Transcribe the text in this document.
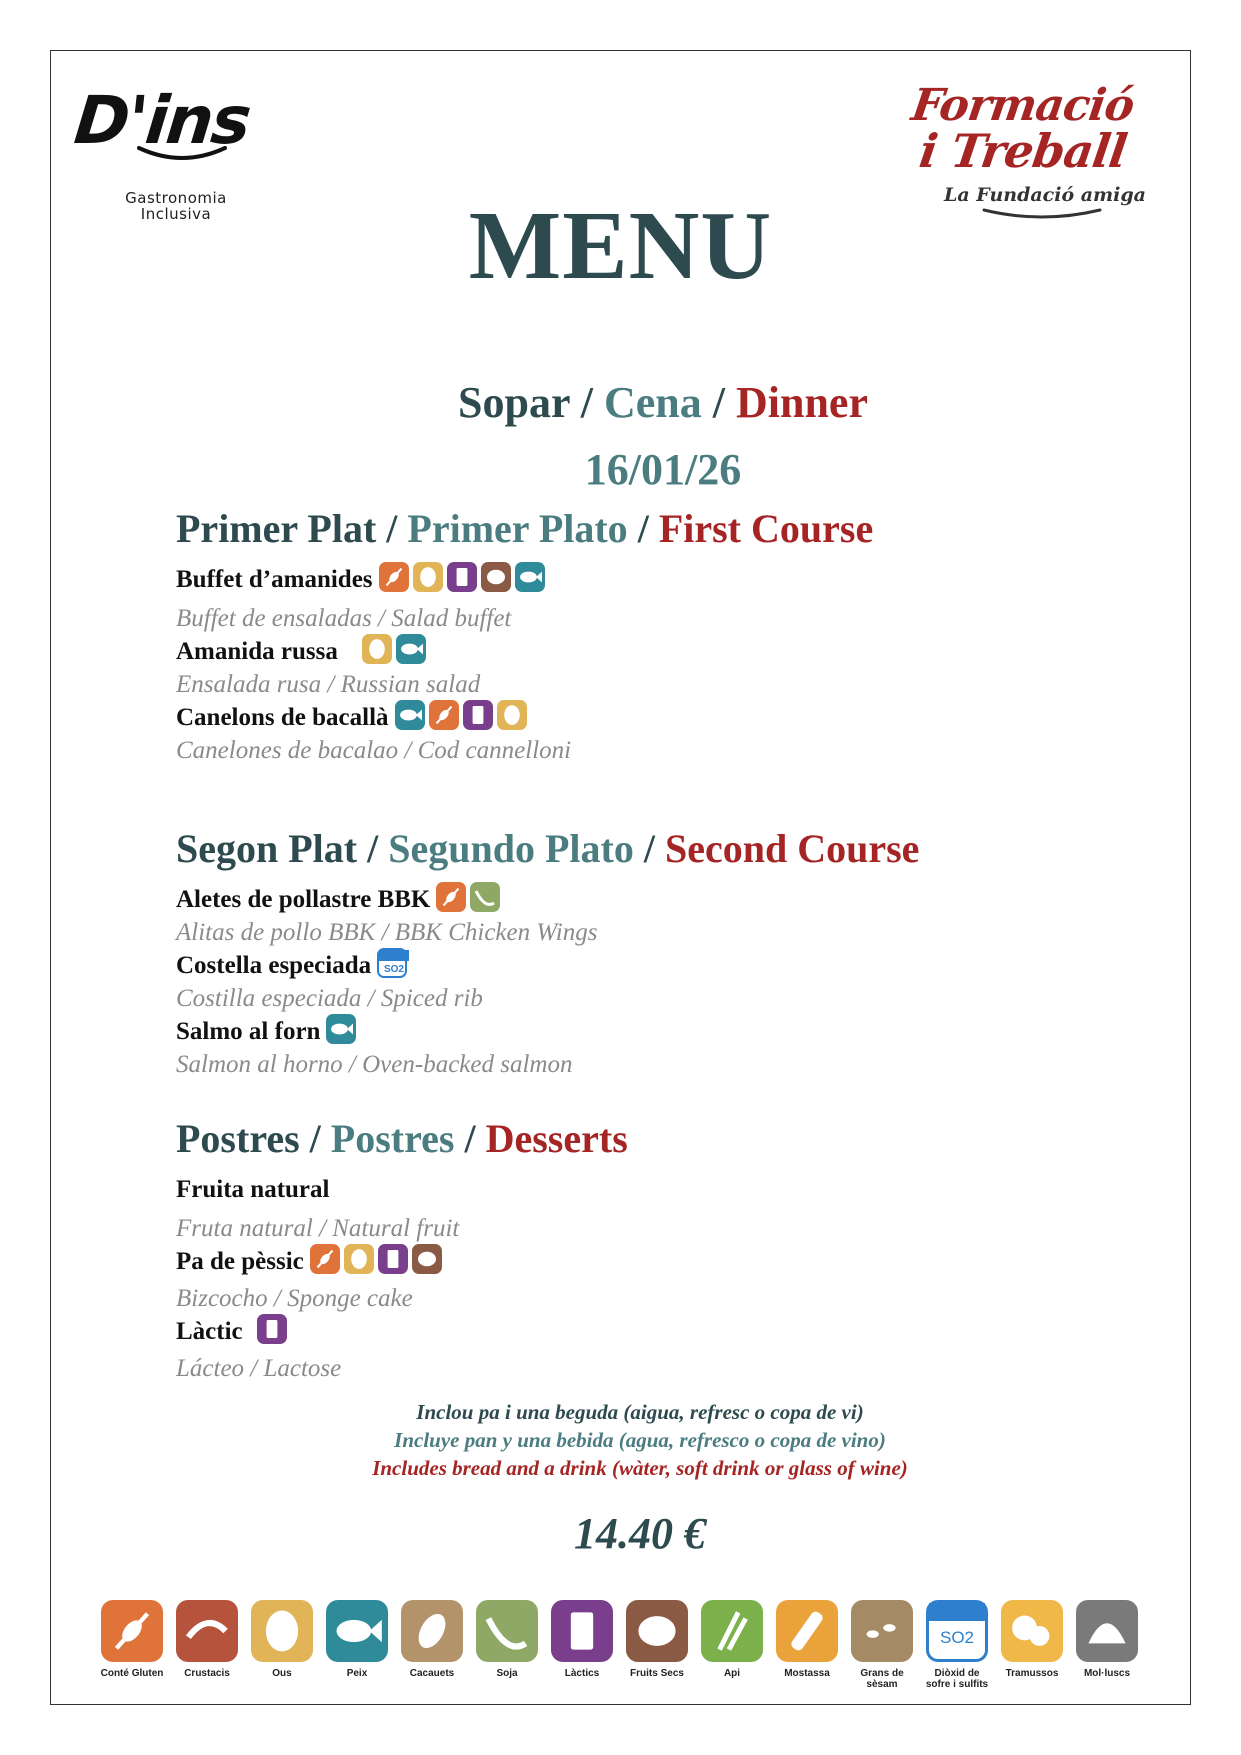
D'ins
Gastronomia
Inclusiva
Formació
i Treball
La Fundació amiga
MENU
Sopar / Cena / Dinner
16/01/26
Primer Plat / Primer Plato / First Course
Buffet d’amanides
Buffet de ensaladas / Salad buffet
Amanida russa
Ensalada rusa / Russian salad
Canelons de bacallà
Canelones de bacalao / Cod cannelloni
Segon Plat / Segundo Plato / Second Course
Aletes de pollastre BBK
Alitas de pollo BBK / BBK Chicken Wings
Costella especiada SO2
Costilla especiada / Spiced rib
Salmo al forn
Salmon al horno / Oven-backed salmon
Postres / Postres / Desserts
Fruita natural
Fruta natural / Natural fruit
Pa de pèssic
Bizcocho / Sponge cake
Làctic
Lácteo / Lactose
Inclou pa i una beguda (aigua, refresc o copa de vi)
Incluye pan y una bebida (agua, refresco o copa de vino)
Includes bread and a drink (wàter, soft drink or glass of wine)
14.40 €
Conté Gluten	Crustacis	Ous	Peix	Cacauets	Soja	Làctics	Fruits Secs	Api	Mostassa	Grans de sèsam
SO2
Diòxid de sofre i sulfits
Tramussos	Mol·luscs
